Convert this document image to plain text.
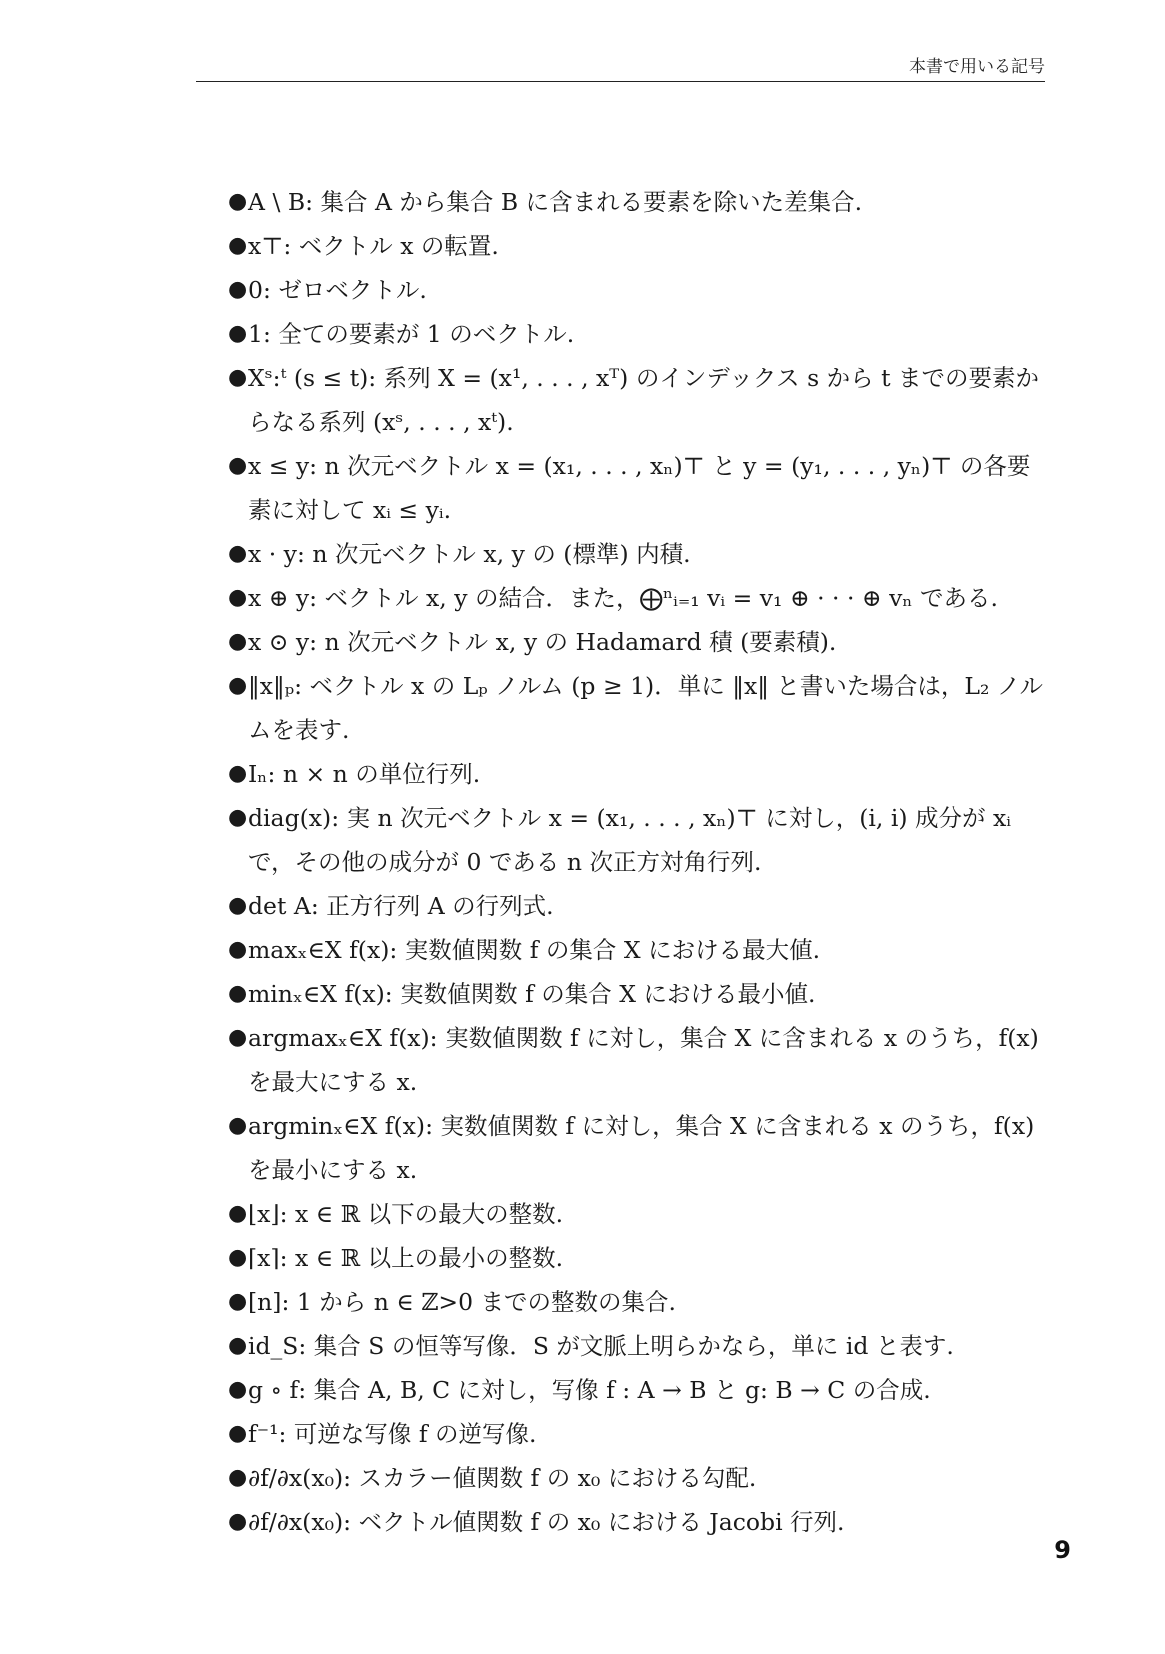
本書で用いる記号
● A \ B: 集合 A から集合 B に含まれる要素を除いた差集合.
● x⊤: ベクトル x の転置.
● 0: ゼロベクトル.
● 1: 全ての要素が 1 のベクトル.
● Xˢ:ᵗ (s ≤ t): 系列 X = (x¹, . . . , xᵀ) のインデックス s から t までの要素からなる系列 (xˢ, . . . , xᵗ).
● x ≤ y: n 次元ベクトル x = (x₁, . . . , xₙ)⊤ と y = (y₁, . . . , yₙ)⊤ の各要素に対して xᵢ ≤ yᵢ.
● x · y: n 次元ベクトル x, y の (標準) 内積.
● x ⊕ y: ベクトル x, y の結合．また，⨁ⁿᵢ₌₁ vᵢ = v₁ ⊕ · · · ⊕ vₙ である.
● x ⊙ y: n 次元ベクトル x, y の Hadamard 積 (要素積).
● ‖x‖ₚ: ベクトル x の Lₚ ノルム (p ≥ 1)．単に ‖x‖ と書いた場合は，L₂ ノルムを表す.
● Iₙ: n × n の単位行列.
● diag(x): 実 n 次元ベクトル x = (x₁, . . . , xₙ)⊤ に対し，(i, i) 成分が xᵢ で，その他の成分が 0 である n 次正方対角行列.
● det A: 正方行列 A の行列式.
● maxₓ∈X f(x): 実数値関数 f の集合 X における最大値.
● minₓ∈X f(x): 実数値関数 f の集合 X における最小値.
● argmaxₓ∈X f(x): 実数値関数 f に対し，集合 X に含まれる x のうち，f(x) を最大にする x.
● argminₓ∈X f(x): 実数値関数 f に対し，集合 X に含まれる x のうち，f(x) を最小にする x.
● ⌊x⌋: x ∈ ℝ 以下の最大の整数.
● ⌈x⌉: x ∈ ℝ 以上の最小の整数.
● [n]: 1 から n ∈ ℤ>0 までの整数の集合.
● id_S: 集合 S の恒等写像．S が文脈上明らかなら，単に id と表す.
● g ∘ f: 集合 A, B, C に対し，写像 f : A → B と g: B → C の合成.
● f⁻¹: 可逆な写像 f の逆写像.
● ∂f/∂x(x₀): スカラー値関数 f の x₀ における勾配.
● ∂f/∂x(x₀): ベクトル値関数 f の x₀ における Jacobi 行列.
9
